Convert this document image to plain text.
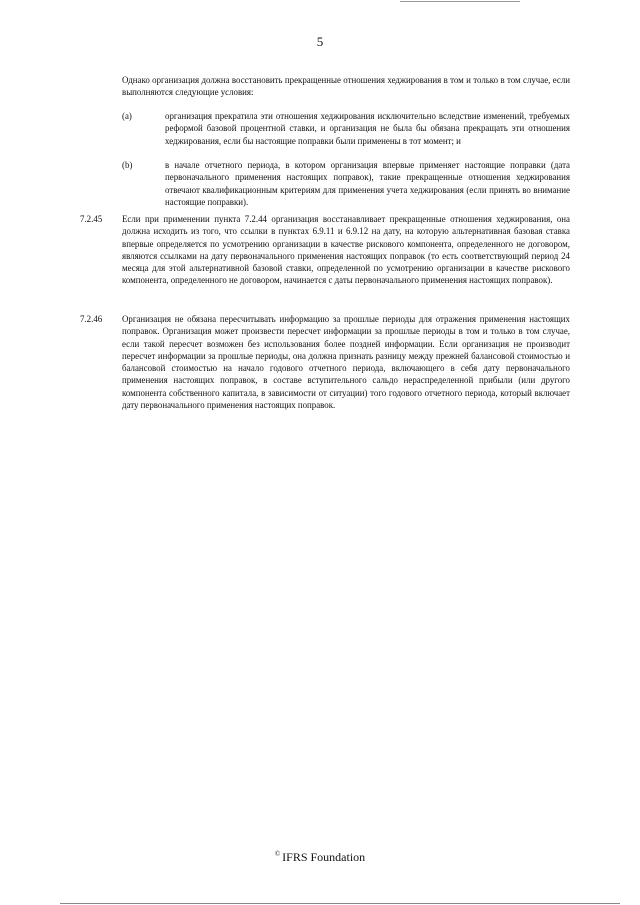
5
Однако организация должна восстановить прекращенные отношения хеджирования в том и только в том случае, если выполняются следующие условия:
(a)	организация прекратила эти отношения хеджирования исключительно вследствие изменений, требуемых реформой базовой процентной ставки, и организация не была бы обязана прекращать эти отношения хеджирования, если бы настоящие поправки были применены в тот момент; и
(b)	в начале отчетного периода, в котором организация впервые применяет настоящие поправки (дата первоначального применения настоящих поправок), такие прекращенные отношения хеджирования отвечают квалификационным критериям для применения учета хеджирования (если принять во внимание настоящие поправки).
7.2.45 Если при применении пункта 7.2.44 организация восстанавливает прекращенные отношения хеджирования, она должна исходить из того, что ссылки в пунктах 6.9.11 и 6.9.12 на дату, на которую альтернативная базовая ставка впервые определяется по усмотрению организации в качестве рискового компонента, определенного не договором, являются ссылками на дату первоначального применения настоящих поправок (то есть соответствующий период 24 месяца для этой альтернативной базовой ставки, определенной по усмотрению организации в качестве рискового компонента, определенного не договором, начинается с даты первоначального применения настоящих поправок).
7.2.46 Организация не обязана пересчитывать информацию за прошлые периоды для отражения применения настоящих поправок. Организация может произвести пересчет информации за прошлые периоды в том и только в том случае, если такой пересчет возможен без использования более поздней информации. Если организация не производит пересчет информации за прошлые периоды, она должна признать разницу между прежней балансовой стоимостью и балансовой стоимостью на начало годового отчетного периода, включающего в себя дату первоначального применения настоящих поправок, в составе вступительного сальдо нераспределенной прибыли (или другого компонента собственного капитала, в зависимости от ситуации) того годового отчетного периода, который включает дату первоначального применения настоящих поправок.
© IFRS Foundation
